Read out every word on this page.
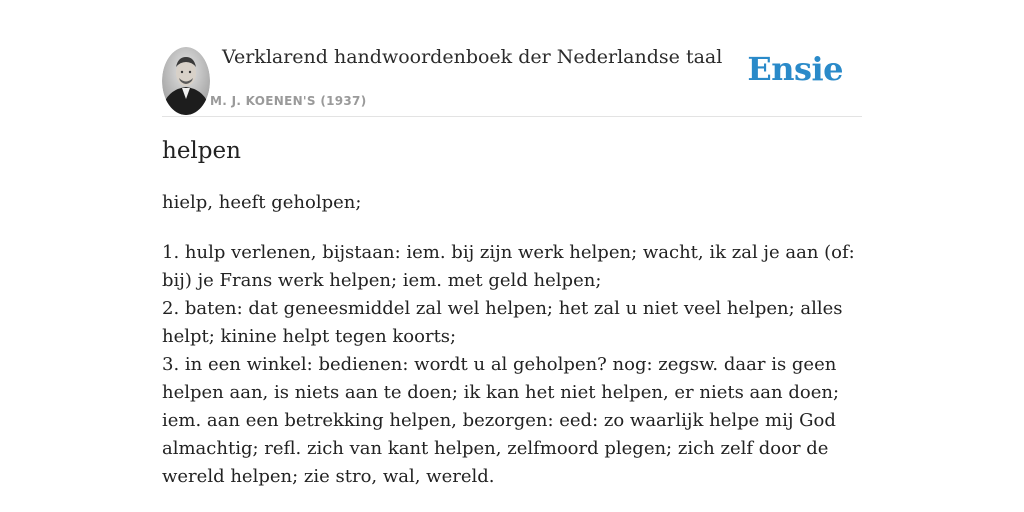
Verklarend handwoordenboek der Nederlandse taal
M. J. KOENEN'S (1937)
Ensie
helpen

hielp, heeft geholpen;

1. hulp verlenen, bijstaan: iem. bij zijn werk helpen; wacht, ik zal je aan (of: bij) je Frans werk helpen; iem. met geld helpen;
2. baten: dat geneesmiddel zal wel helpen; het zal u niet veel helpen; alles helpt; kinine helpt tegen koorts;
3. in een winkel: bedienen: wordt u al geholpen? nog: zegsw. daar is geen helpen aan, is niets aan te doen; ik kan het niet helpen, er niets aan doen; iem. aan een betrekking helpen, bezorgen: eed: zo waarlijk helpe mij God almachtig; refl. zich van kant helpen, zelfmoord plegen; zich zelf door de wereld helpen; zie stro, wal, wereld.
